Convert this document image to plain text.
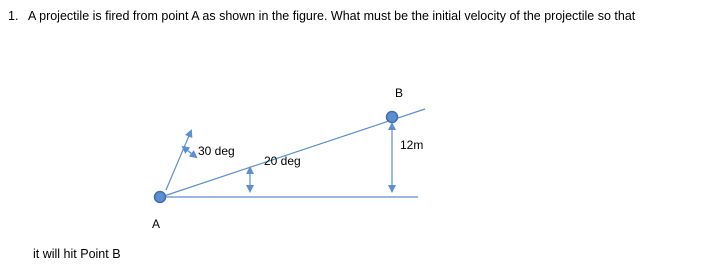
1. A projectile is fired from point A as shown in the figure. What must be the initial velocity of the projectile so that
A
B
30 deg
20 deg
12m
it will hit Point B
